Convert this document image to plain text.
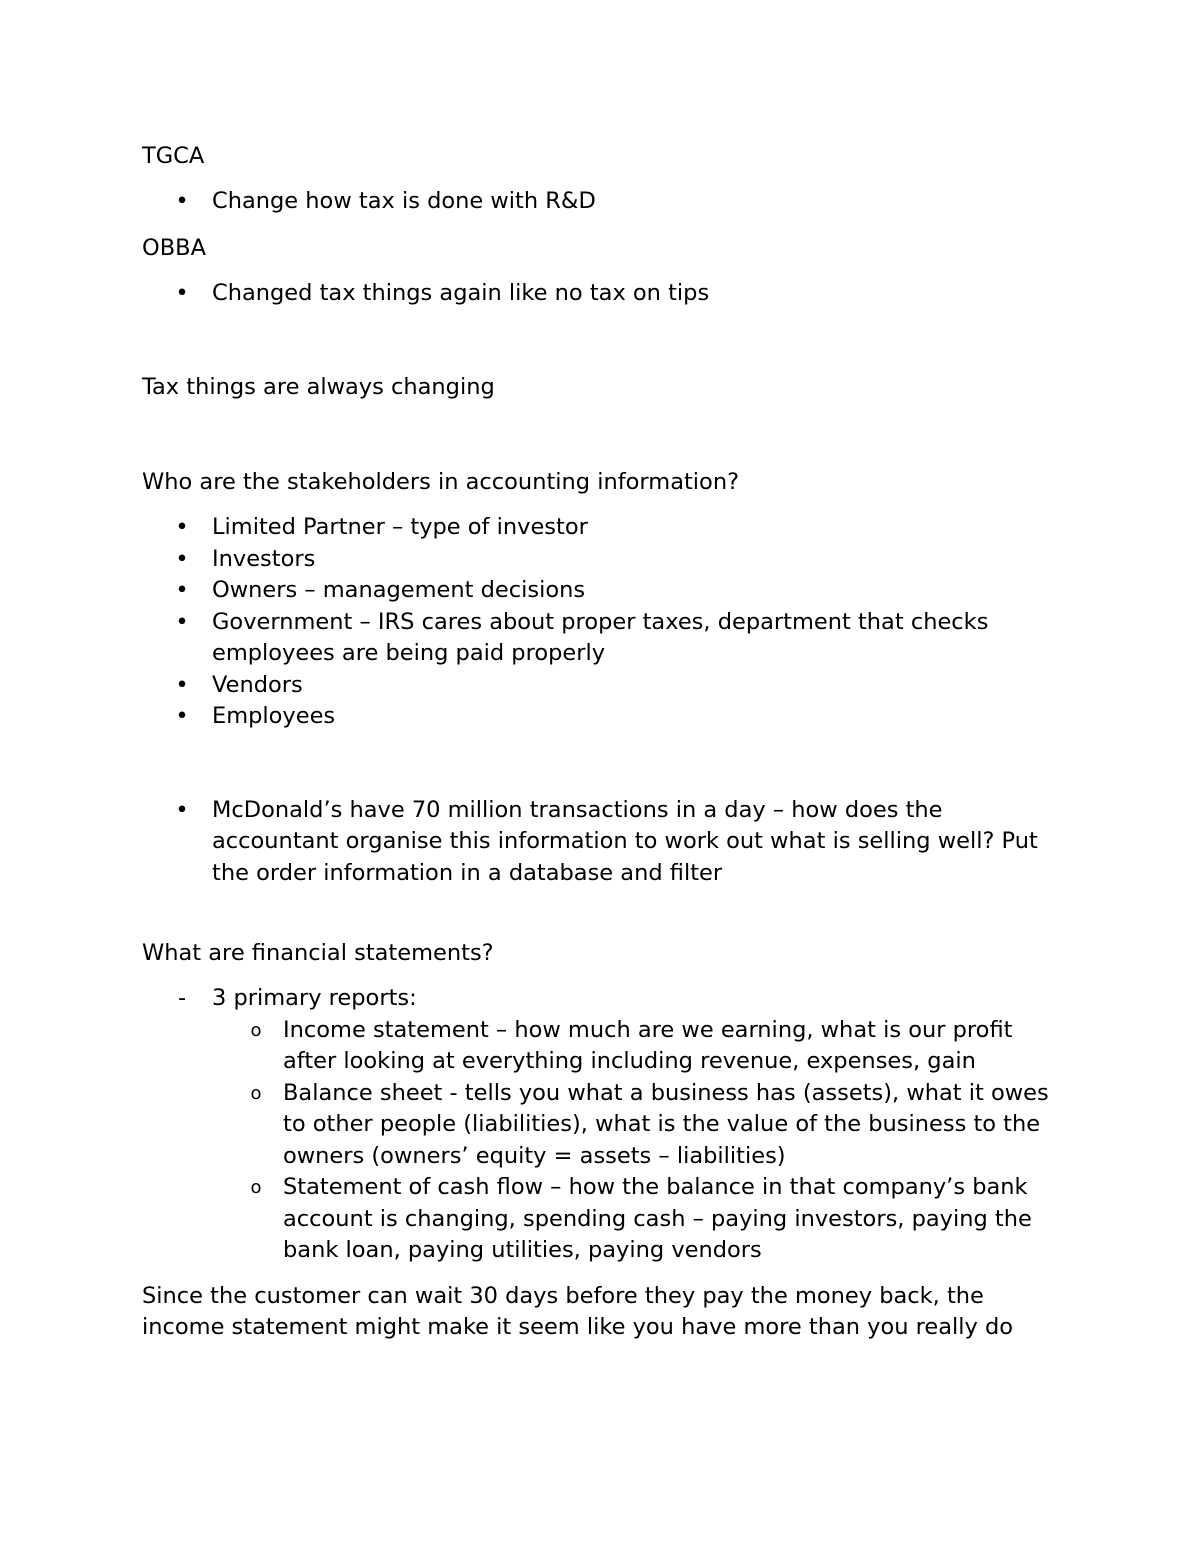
TGCA

• Change how tax is done with R&D

OBBA

• Changed tax things again like no tax on tips

Tax things are always changing

Who are the stakeholders in accounting information?

• Limited Partner – type of investor
• Investors
• Owners – management decisions
• Government – IRS cares about proper taxes, department that checks employees are being paid properly
• Vendors
• Employees
• McDonald’s have 70 million transactions in a day – how does the accountant organise this information to work out what is selling well? Put the order information in a database and filter

What are financial statements?

- 3 primary reports:
o Income statement – how much are we earning, what is our profit after looking at everything including revenue, expenses, gain
o Balance sheet - tells you what a business has (assets), what it owes to other people (liabilities), what is the value of the business to the owners (owners’ equity = assets – liabilities)
o Statement of cash flow – how the balance in that company’s bank account is changing, spending cash – paying investors, paying the bank loan, paying utilities, paying vendors

Since the customer can wait 30 days before they pay the money back, the income statement might make it seem like you have more than you really do
